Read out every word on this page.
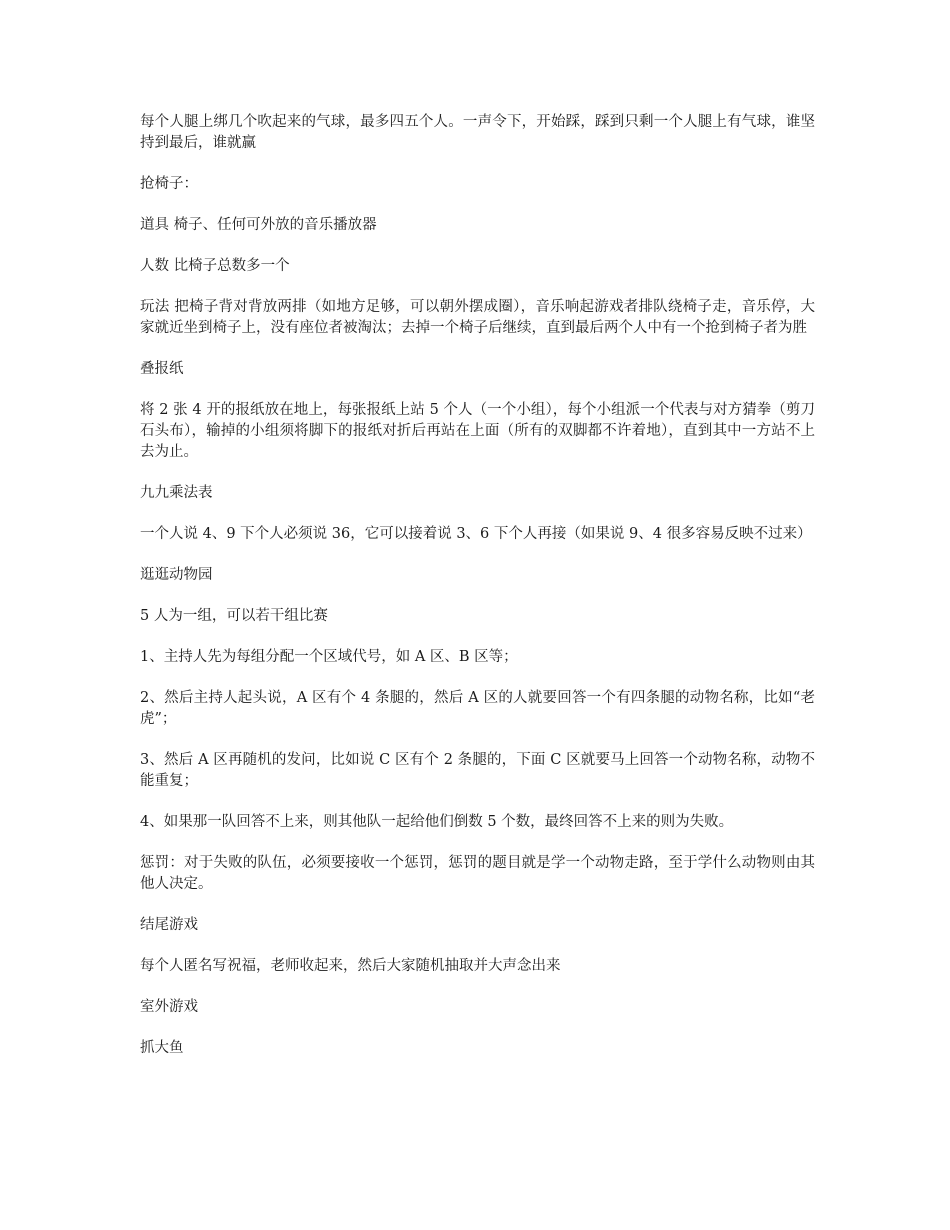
每个人腿上绑几个吹起来的气球，最多四五个人。一声令下，开始踩，踩到只剩一个人腿上有气球，谁坚持到最后，谁就赢

抢椅子：

道具 椅子、任何可外放的音乐播放器

人数 比椅子总数多一个

玩法 把椅子背对背放两排（如地方足够，可以朝外摆成圈），音乐响起游戏者排队绕椅子走，音乐停，大家就近坐到椅子上，没有座位者被淘汰；去掉一个椅子后继续，直到最后两个人中有一个抢到椅子者为胜

叠报纸

将 2 张 4 开的报纸放在地上，每张报纸上站 5 个人（一个小组），每个小组派一个代表与对方猜拳（剪刀石头布），输掉的小组须将脚下的报纸对折后再站在上面（所有的双脚都不许着地），直到其中一方站不上去为止。

九九乘法表

一个人说 4、9 下个人必须说 36，它可以接着说 3、6 下个人再接（如果说 9、4 很多容易反映不过来）

逛逛动物园

5 人为一组，可以若干组比赛

1、主持人先为每组分配一个区域代号，如 A 区、B 区等；

2、然后主持人起头说，A 区有个 4 条腿的，然后 A 区的人就要回答一个有四条腿的动物名称，比如“老虎”；

3、然后 A 区再随机的发问，比如说 C 区有个 2 条腿的，下面 C 区就要马上回答一个动物名称，动物不能重复；

4、如果那一队回答不上来，则其他队一起给他们倒数 5 个数，最终回答不上来的则为失败。

惩罚：对于失败的队伍，必须要接收一个惩罚，惩罚的题目就是学一个动物走路，至于学什么动物则由其他人决定。

结尾游戏

每个人匿名写祝福，老师收起来，然后大家随机抽取并大声念出来

室外游戏

抓大鱼
